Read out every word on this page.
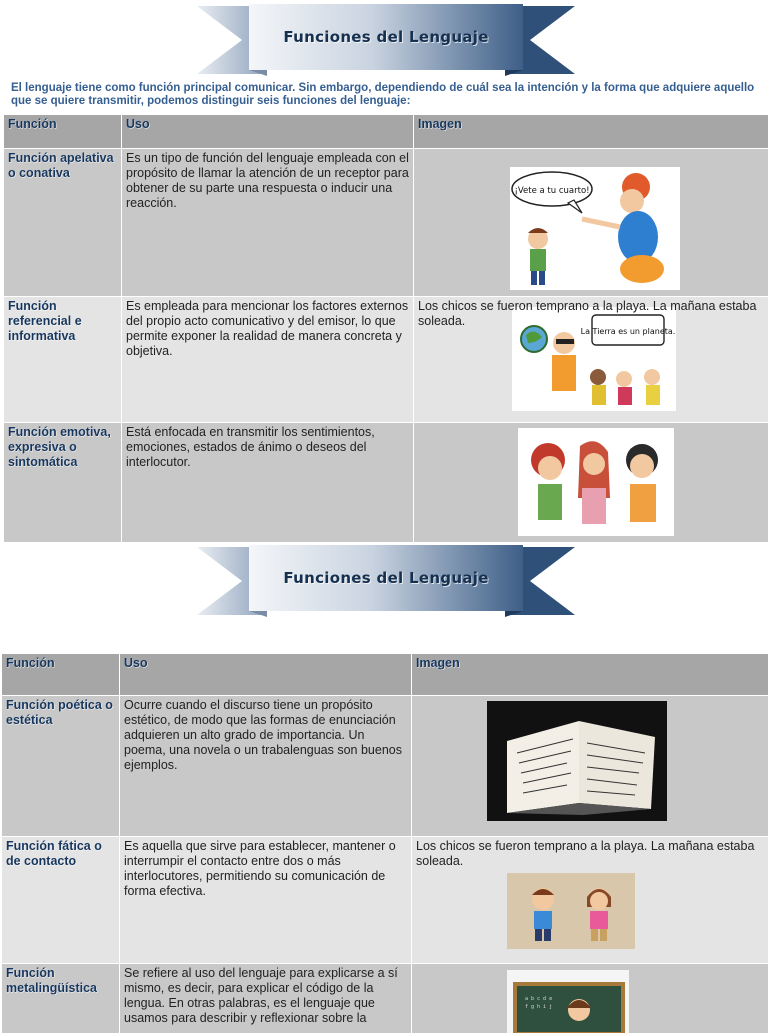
Funciones del Lenguaje
El lenguaje tiene como función principal comunicar. Sin embargo, dependiendo de cuál sea la intención y la forma que adquiere aquello que se quiere transmitir, podemos distinguir seis funciones del lenguaje:
Función	Uso	Imagen
Función apelativa o conativa	Es un tipo de función del lenguaje empleada con el propósito de llamar la atención de un receptor para obtener de su parte una respuesta o inducir una reacción.	¡Vete a tu cuarto!

Función referencial e informativa	Es empleada para mencionar los factores externos del propio acto comunicativo y del emisor, lo que permite exponer la realidad de manera concreta y objetiva.	Los chicos se fueron temprano a la playa. La mañana estaba soleada.
La Tierra es un planeta.

Función emotiva, expresiva o sintomática	Está enfocada en transmitir los sentimientos, emociones, estados de ánimo o deseos del interlocutor.	
Funciones del Lenguaje
Función	Uso	Imagen
Función poética o estética	Ocurre cuando el discurso tiene un propósito estético, de modo que las formas de enunciación adquieren un alto grado de importancia. Un poema, una novela o un trabalenguas son buenos ejemplos.	

Función fática o de contacto	Es aquella que sirve para establecer, mantener o interrumpir el contacto entre dos o más interlocutores, permitiendo su comunicación de forma efectiva.	Los chicos se fueron temprano a la playa. La mañana estaba soleada.

Función metalingüística	Se refiere al uso del lenguaje para explicarse a sí mismo, es decir, para explicar el código de la lengua. En otras palabras, es el lenguaje que usamos para describir y reflexionar sobre la	a b c d e
f g h i j
